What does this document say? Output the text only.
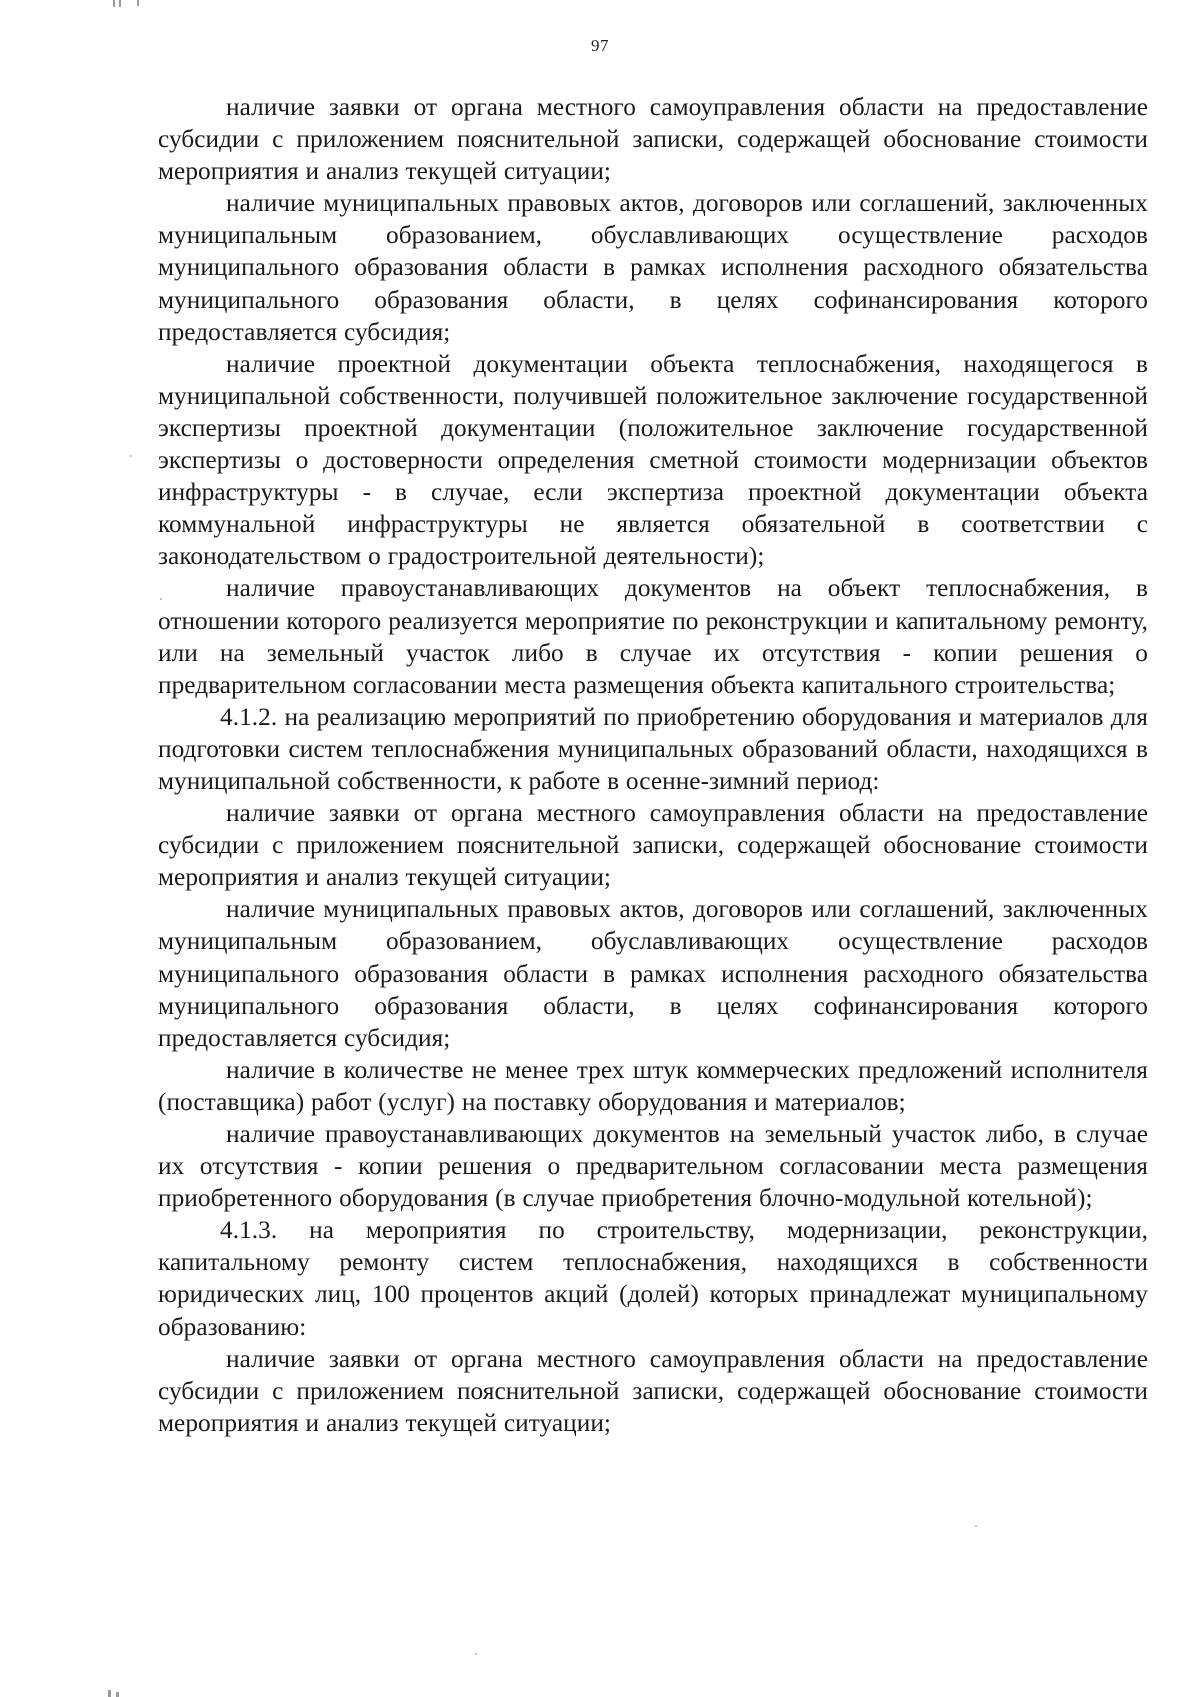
97

наличие заявки от органа местного самоуправления области на предоставление субсидии с приложением пояснительной записки, содержащей обоснование стоимости мероприятия и анализ текущей ситуации;

наличие муниципальных правовых актов, договоров или соглашений, заключенных муниципальным образованием, обуславливающих осуществление расходов муниципального образования области в рамках исполнения расходного обязательства муниципального образования области, в целях софинансирования которого предоставляется субсидия;

наличие проектной документации объекта теплоснабжения, находящегося в муниципальной собственности, получившей положительное заключение государственной экспертизы проектной документации (положительное заключение государственной экспертизы о достоверности определения сметной стоимости модернизации объектов инфраструктуры - в случае, если экспертиза проектной документации объекта коммунальной инфраструктуры не является обязательной в соответствии с законодательством о градостроительной деятельности);

наличие правоустанавливающих документов на объект теплоснабжения, в отношении которого реализуется мероприятие по реконструкции и капитальному ремонту, или на земельный участок либо в случае их отсутствия - копии решения о предварительном согласовании места размещения объекта капитального строительства;

4.1.2. на реализацию мероприятий по приобретению оборудования и материалов для подготовки систем теплоснабжения муниципальных образований области, находящихся в муниципальной собственности, к работе в осенне-зимний период:

наличие заявки от органа местного самоуправления области на предоставление субсидии с приложением пояснительной записки, содержащей обоснование стоимости мероприятия и анализ текущей ситуации;

наличие муниципальных правовых актов, договоров или соглашений, заключенных муниципальным образованием, обуславливающих осуществление расходов муниципального образования области в рамках исполнения расходного обязательства муниципального образования области, в целях софинансирования которого предоставляется субсидия;

наличие в количестве не менее трех штук коммерческих предложений исполнителя (поставщика) работ (услуг) на поставку оборудования и материалов;

наличие правоустанавливающих документов на земельный участок либо, в случае их отсутствия - копии решения о предварительном согласовании места размещения приобретенного оборудования (в случае приобретения блочно-модульной котельной);

4.1.3. на мероприятия по строительству, модернизации, реконструкции, капитальному ремонту систем теплоснабжения, находящихся в собственности юридических лиц, 100 процентов акций (долей) которых принадлежат муниципальному образованию:

наличие заявки от органа местного самоуправления области на предоставление субсидии с приложением пояснительной записки, содержащей обоснование стоимости мероприятия и анализ текущей ситуации;
